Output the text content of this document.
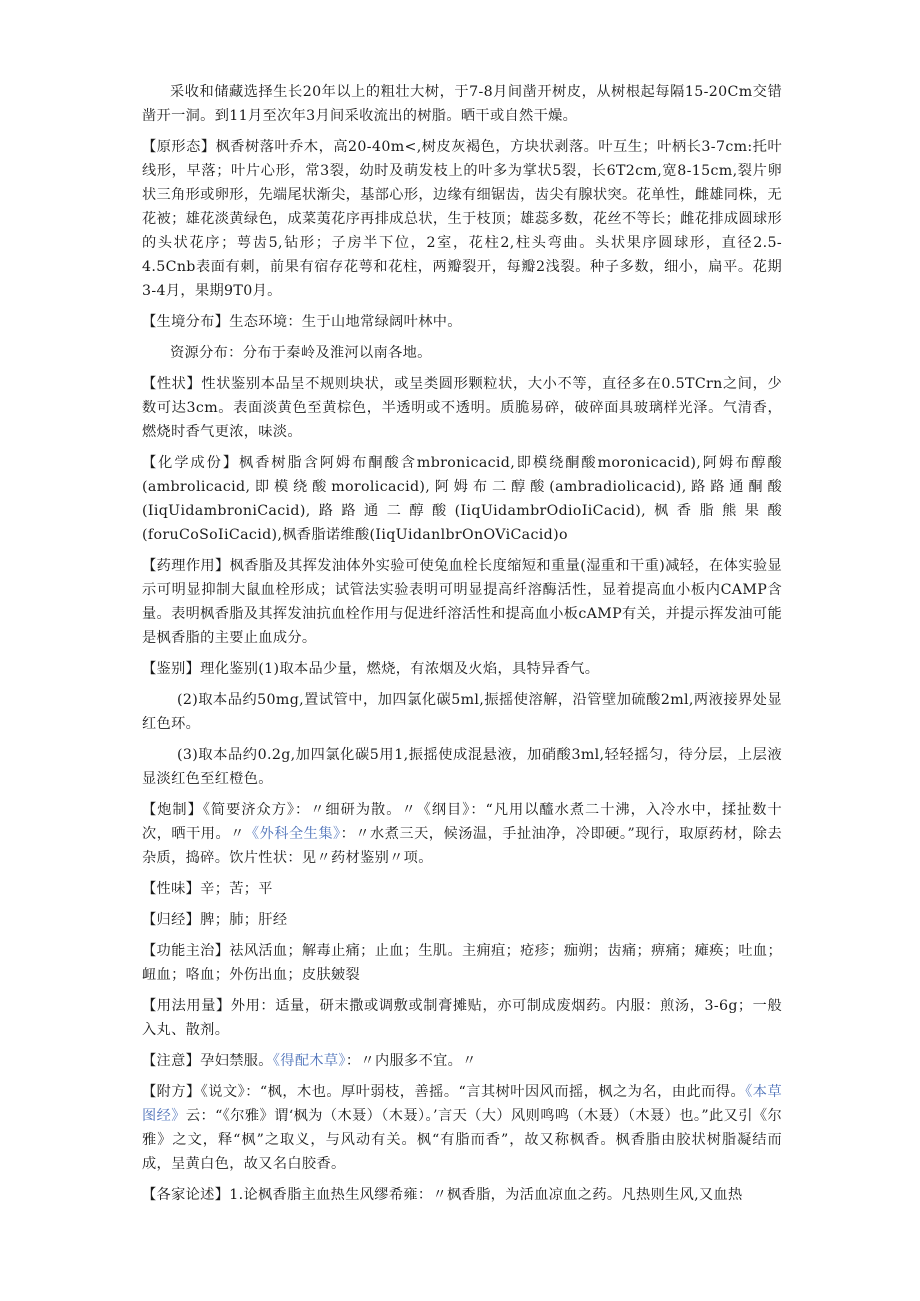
采收和储藏选择生长20年以上的粗壮大树，于7-8月间凿开树皮，从树根起每隔15-20Cm交错凿开一洞。到11月至次年3月间采收流出的树脂。晒干或自然干燥。

【原形态】枫香树落叶乔木，高20-40m<,树皮灰褐色，方块状剥落。叶互生；叶柄长3-7cm:托叶线形，早落；叶片心形，常3裂，幼时及萌发枝上的叶多为掌状5裂，长6T2cm,宽8-15cm,裂片卵状三角形或卵形，先端尾状渐尖，基部心形，边缘有细锯齿，齿尖有腺状突。花单性，雌雄同株，无花被；雄花淡黄绿色，成菜荑花序再排成总状，生于枝顶；雄蕊多数，花丝不等长；雌花排成圆球形的头状花序；萼齿5,钻形；子房半下位，2室，花柱2,柱头弯曲。头状果序圆球形，直径2.5-4.5Cnb表面有刺，前果有宿存花萼和花柱，两瓣裂开，每瓣2浅裂。种子多数，细小，扁平。花期3-4月，果期9T0月。

【生境分布】生态环境：生于山地常绿阔叶林中。

资源分布：分布于秦岭及淮河以南各地。

【性状】性状鉴别本品呈不规则块状，或呈类圆形颗粒状，大小不等，直径多在0.5TCrn之间，少数可达3cm。表面淡黄色至黄棕色，半透明或不透明。质脆易碎，破碎面具玻璃样光泽。气清香，燃烧时香气更浓，味淡。

【化学成份】枫香树脂含阿姆布酮酸含mbronicacid,即模绕酮酸moronicacid),阿姆布醇酸(ambrolicacid,即模绕酸morolicacid),阿姆布二醇酸(ambradiolicacid),路路通酮酸(IiqUidambroniCacid),路路通二醇酸(IiqUidambrOdioIiCacid),枫香脂熊果酸(foruCoSoIiCacid),枫香脂诺维酸(IiqUidanlbrOnOViCacid)o

【药理作用】枫香脂及其挥发油体外实验可使兔血栓长度缩短和重量(湿重和干重)减轻，在体实验显示可明显抑制大鼠血栓形成；试管法实验表明可明显提高纤溶酶活性，显着提高血小板内CAMP含量。表明枫香脂及其挥发油抗血栓作用与促进纤溶活性和提高血小板cAMP有关，并提示挥发油可能是枫香脂的主要止血成分。

【鉴别】理化鉴别(1)取本品少量，燃烧，有浓烟及火焰，具特异香气。

(2)取本品约50mg,置试管中，加四氯化碳5ml,振摇使溶解，沿管壁加硫酸2ml,两液接界处显红色环。

(3)取本品约0.2g,加四氯化碳5用1,振摇使成混悬液，加硝酸3ml,轻轻摇匀，待分层，上层液显淡红色至红橙色。

【炮制】《简要济众方》：〃细研为散。〃《纲目》：“凡用以醯水煮二十沸，入冷水中，揉扯数十次，晒干用。〃《外科全生集》：〃水煮三天，候汤温，手扯油净，冷即硬。”现行，取原药材，除去杂质，捣碎。饮片性状：见〃药材鉴别〃项。

【性味】辛；苦；平

【归经】脾；肺；肝经

【功能主治】祛风活血；解毒止痛；止血；生肌。主痈疽；疮疹；痂朔；齿痛；痹痛；瘫痪；吐血；衄血；咯血；外伤出血；皮肤皴裂

【用法用量】外用：适量，研末撒或调敷或制膏摊贴，亦可制成废烟药。内服：煎汤，3-6g；一般入丸、散剂。

【注意】孕妇禁服。《得配木草》：〃内服多不宜。〃

【附方】《说文》：“枫，木也。厚叶弱枝，善摇。“言其树叶因风而摇，枫之为名，由此而得。《本草图经》云：“《尔雅》谓‘枫为（木聂）（木聂）。’言天（大）风则鸣鸣（木聂）（木聂）也。”此又引《尔雅》之文，释“枫”之取义，与风动有关。枫“有脂而香”，故又称枫香。枫香脂由胶状树脂凝结而成，呈黄白色，故又名白胶香。

【各家论述】1.论枫香脂主血热生风缪希雍：〃枫香脂，为活血凉血之药。凡热则生风,又血热
